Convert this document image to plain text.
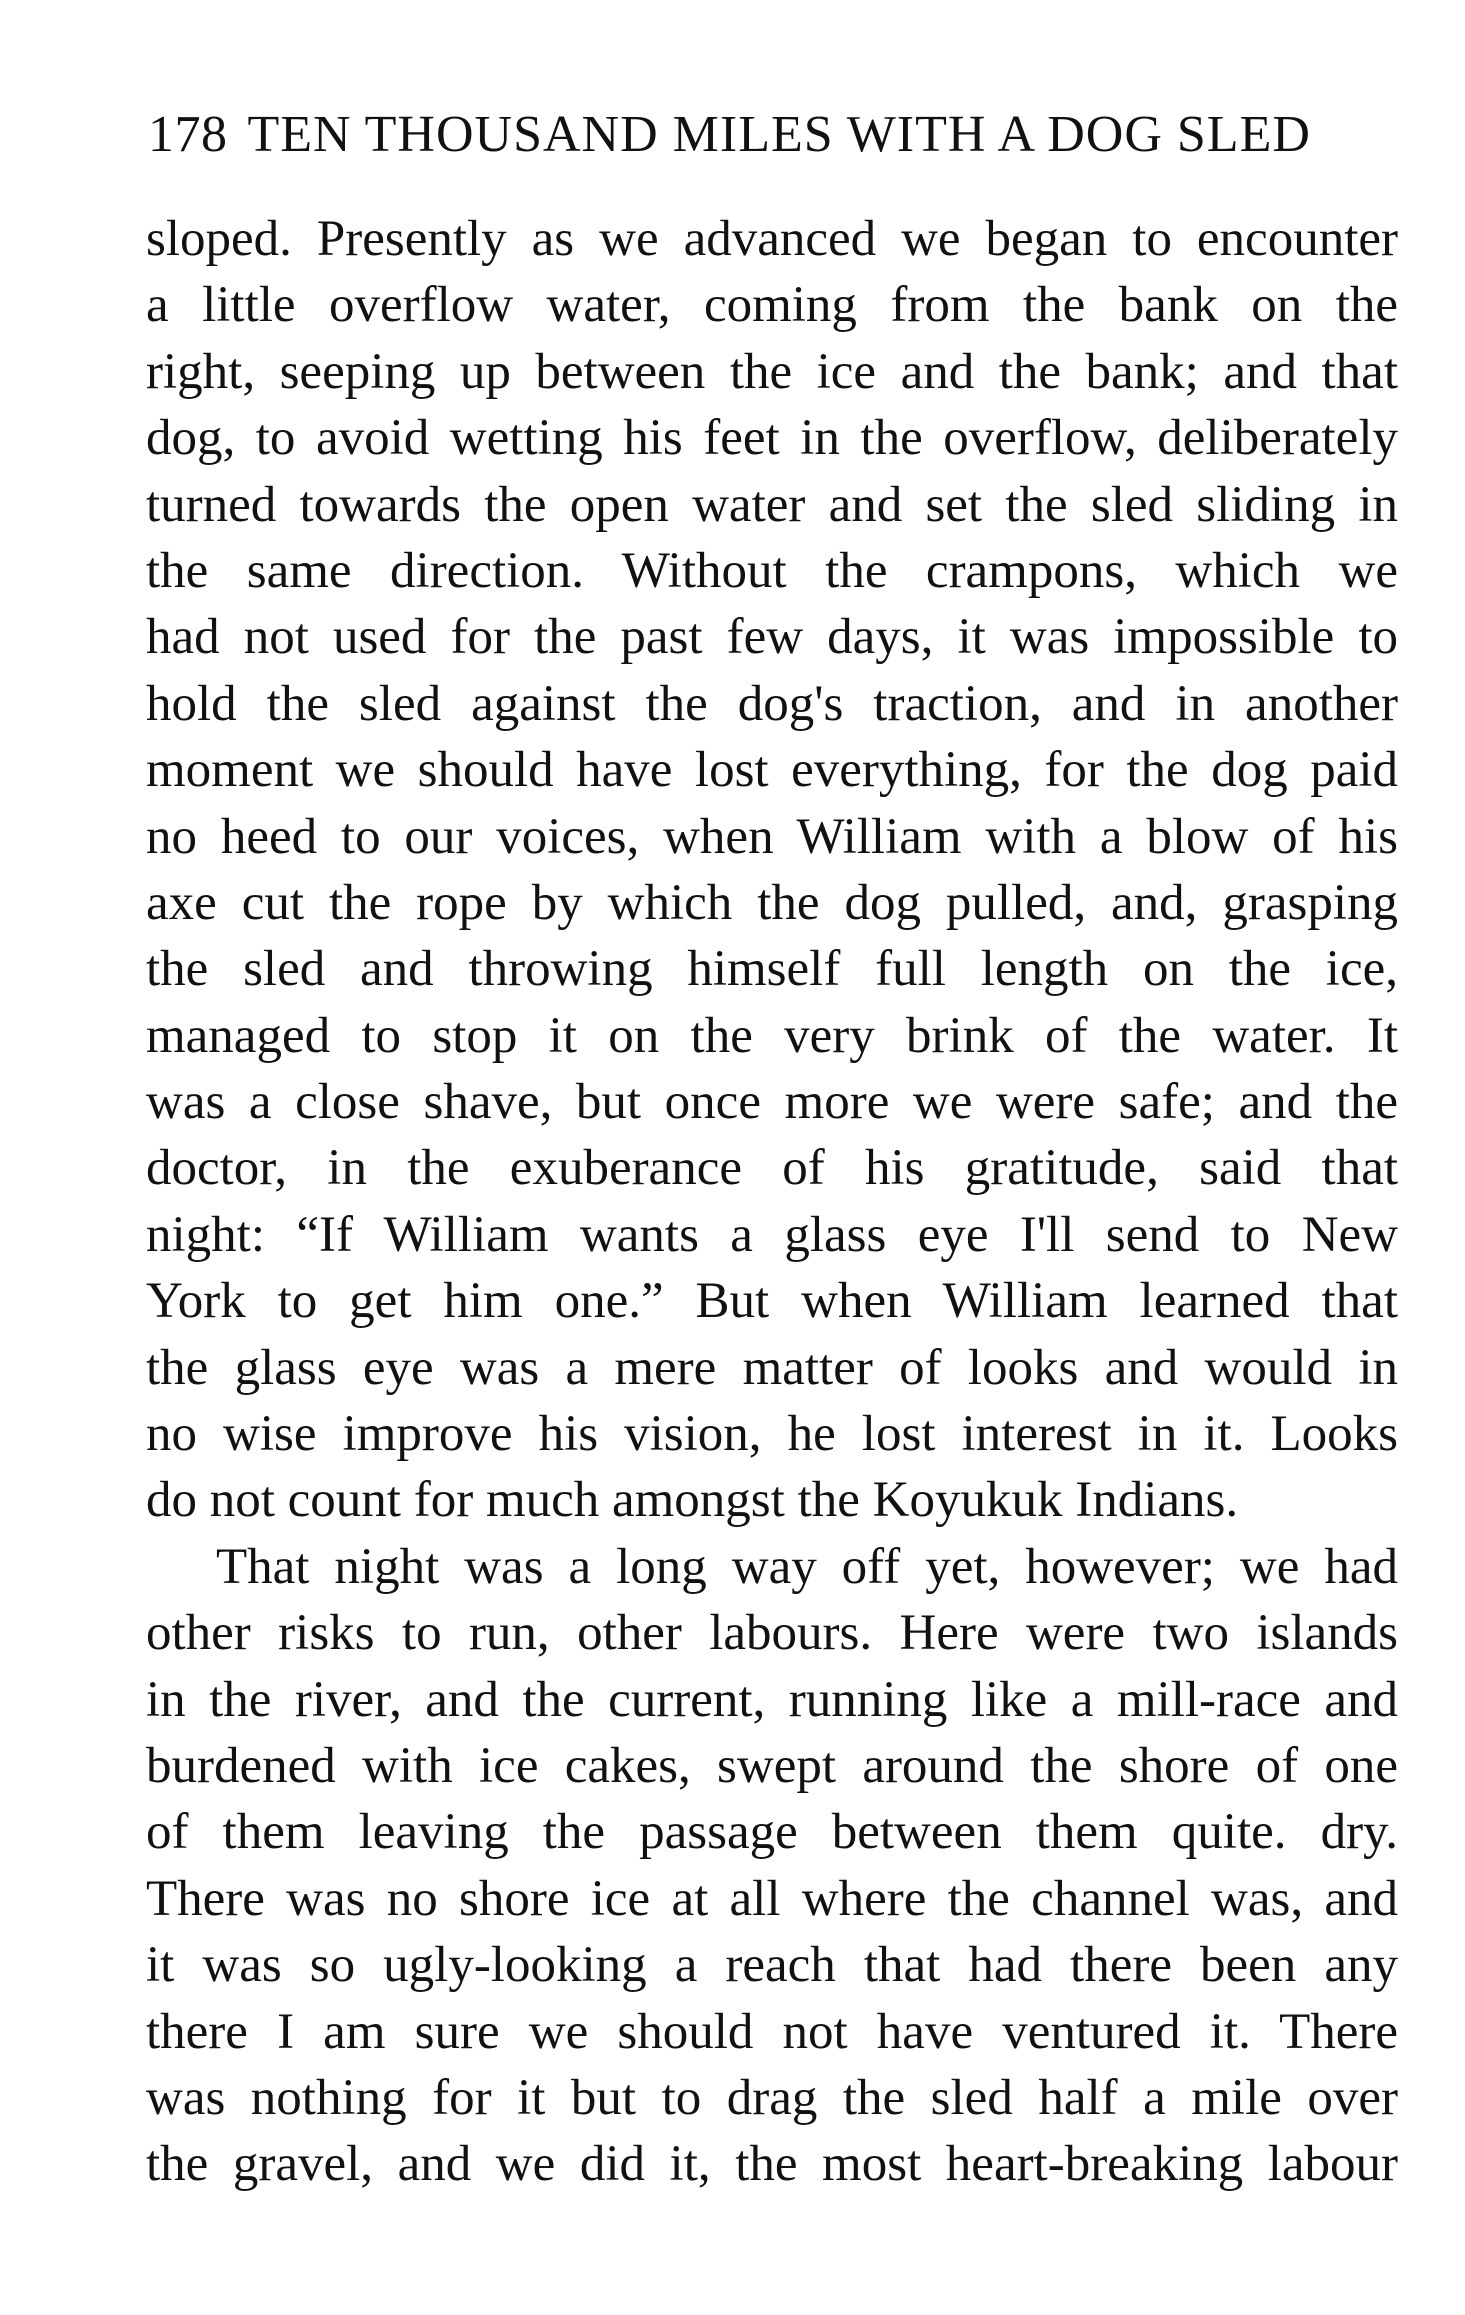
178 TEN THOUSAND MILES WITH A DOG SLED
sloped. Presently as we advanced we began to encounter
a little overflow water, coming from the bank on the
right, seeping up between the ice and the bank; and that
dog, to avoid wetting his feet in the overflow, deliberately
turned towards the open water and set the sled sliding in
the same direction. Without the crampons, which we
had not used for the past few days, it was impossible to
hold the sled against the dog's traction, and in another
moment we should have lost everything, for the dog paid
no heed to our voices, when William with a blow of his
axe cut the rope by which the dog pulled, and, grasping
the sled and throwing himself full length on the ice,
managed to stop it on the very brink of the water. It
was a close shave, but once more we were safe; and the
doctor, in the exuberance of his gratitude, said that
night: “If William wants a glass eye I'll send to New
York to get him one.” But when William learned that
the glass eye was a mere matter of looks and would in
no wise improve his vision, he lost interest in it. Looks
do not count for much amongst the Koyukuk Indians.
That night was a long way off yet, however; we had
other risks to run, other labours. Here were two islands
in the river, and the current, running like a mill-race and
burdened with ice cakes, swept around the shore of one
of them leaving the passage between them quite. dry.
There was no shore ice at all where the channel was, and
it was so ugly-looking a reach that had there been any
there I am sure we should not have ventured it. There
was nothing for it but to drag the sled half a mile over
the gravel, and we did it, the most heart-breaking labour
